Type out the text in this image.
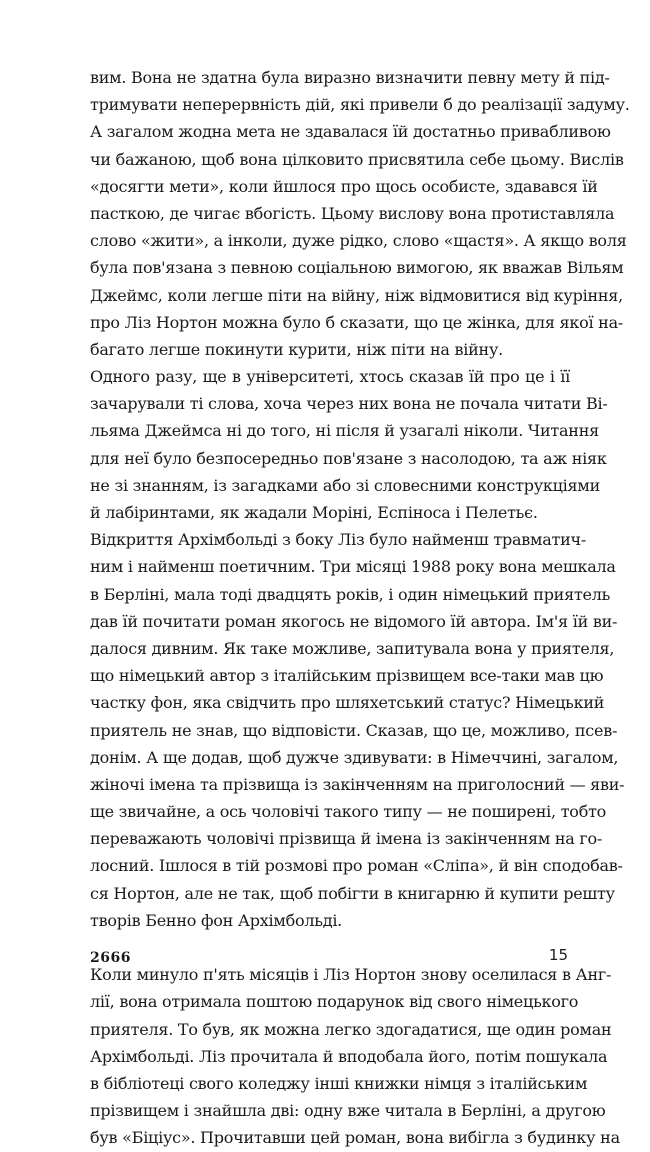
вим. Вона не здатна була виразно визначити певну мету й під-
тримувати неперервність дій, які привели б до реалізації задуму.
А загалом жодна мета не здавалася їй достатньо привабливою
чи бажаною, щоб вона цілковито присвятила себе цьому. Вислів
«досягти мети», коли йшлося про щось особисте, здавався їй
пасткою, де чигає вбогість. Цьому вислову вона протиставляла
слово «жити», а інколи, дуже рідко, слово «щастя». А якщо воля
була пов'язана з певною соціальною вимогою, як вважав Вільям
Джеймс, коли легше піти на війну, ніж відмовитися від куріння,
про Ліз Нортон можна було б сказати, що це жінка, для якої на-
багато легше покинути курити, ніж піти на війну.
Одного разу, ще в університеті, хтось сказав їй про це і її
зачарували ті слова, хоча через них вона не почала читати Ві-
льяма Джеймса ні до того, ні після й узагалі ніколи. Читання
для неї було безпосередньо пов'язане з насолодою, та аж ніяк
не зі знанням, із загадками або зі словесними конструкціями
й лабіринтами, як жадали Моріні, Еспіноса і Пелетьє.
Відкриття Архімбольді з боку Ліз було найменш травматич-
ним і найменш поетичним. Три місяці 1988 року вона мешкала
в Берліні, мала тоді двадцять років, і один німецький приятель
дав їй почитати роман якогось не відомого їй автора. Ім'я їй ви-
далося дивним. Як таке можливе, запитувала вона у приятеля,
що німецький автор з італійським прізвищем все-таки мав цю
частку фон, яка свідчить про шляхетський статус? Німецький
приятель не знав, що відповісти. Сказав, що це, можливо, псев-
донім. А ще додав, щоб дужче здивувати: в Німеччині, загалом,
жіночі імена та прізвища із закінченням на приголосний — яви-
ще звичайне, а ось чоловічі такого типу — не поширені, тобто
переважають чоловічі прізвища й імена із закінченням на го-
лосний. Ішлося в тій розмові про роман «Сліпа», й він сподобав-
ся Нортон, але не так, щоб побігти в книгарню й купити решту
творів Бенно фон Архімбольді.
Коли минуло п'ять місяців і Ліз Нортон знову оселилася в Анг-
лії, вона отримала поштою подарунок від свого німецького
приятеля. То був, як можна легко здогадатися, ще один роман
Архімбольді. Ліз прочитала й вподобала його, потім пошукала
в бібліотеці свого коледжу інші книжки німця з італійським
прізвищем і знайшла дві: одну вже читала в Берліні, а другою
був «Біціус». Прочитавши цей роман, вона вибігла з будинку на
2666	15
